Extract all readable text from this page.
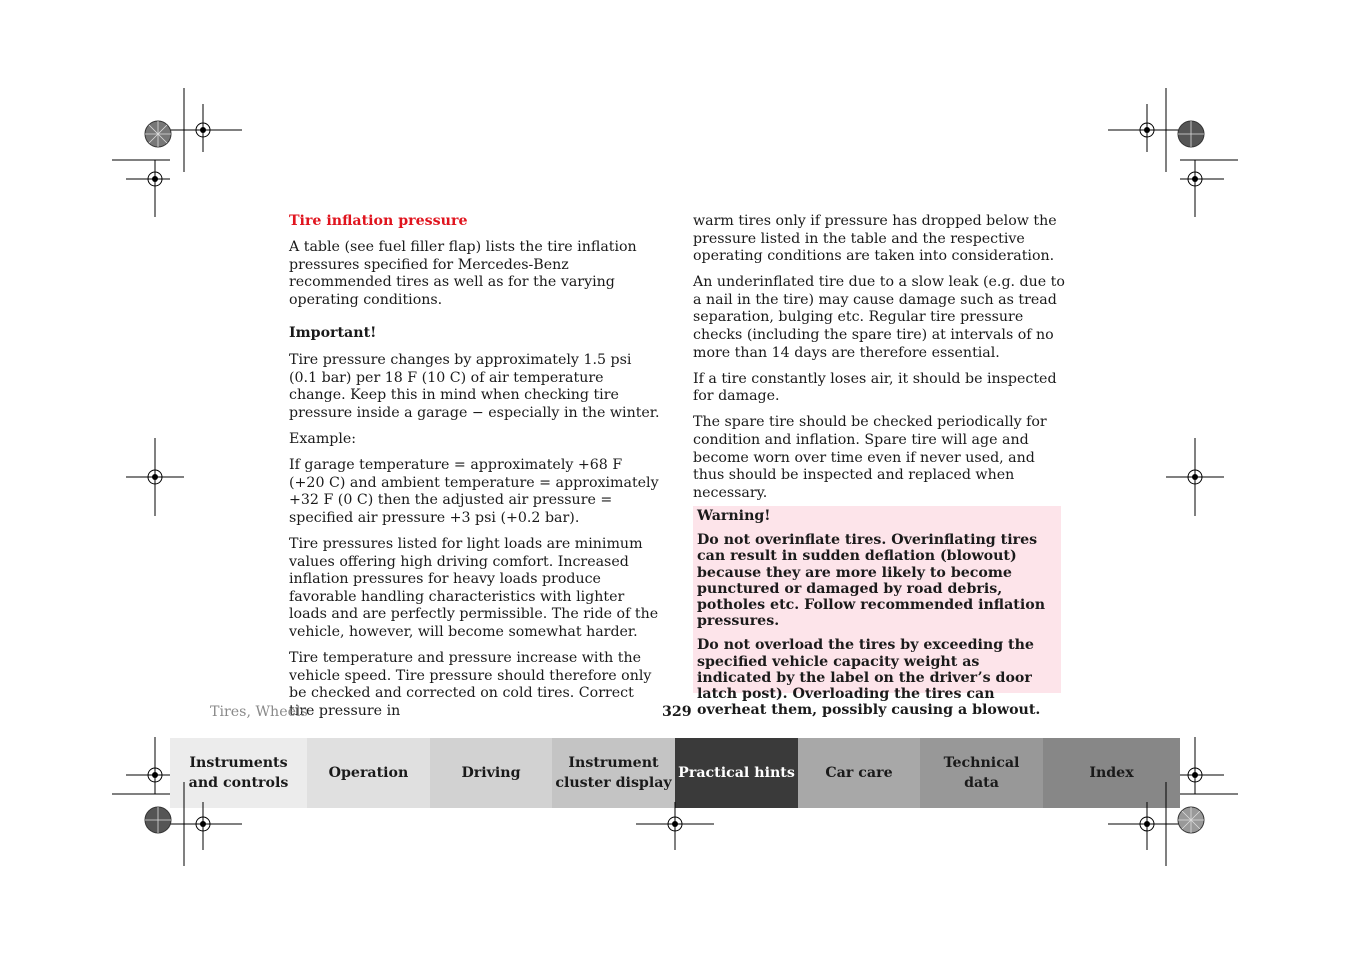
Tire inflation pressure

A table (see fuel filler flap) lists the tire inflation pressures specified for Mercedes-Benz recommended tires as well as for the varying operating conditions.

Important!

Tire pressure changes by approximately 1.5 psi (0.1 bar) per 18 F (10 C) of air temperature change. Keep this in mind when checking tire pressure inside a garage − especially in the winter.

Example:

If garage temperature = approximately +68 F (+20 C) and ambient temperature = approximately +32 F (0 C) then the adjusted air pressure = specified air pressure +3 psi (+0.2 bar).

Tire pressures listed for light loads are minimum values offering high driving comfort. Increased inflation pressures for heavy loads produce favorable handling characteristics with lighter loads and are perfectly permissible. The ride of the vehicle, however, will become somewhat harder.

Tire temperature and pressure increase with the vehicle speed. Tire pressure should therefore only be checked and corrected on cold tires. Correct tire pressure in

warm tires only if pressure has dropped below the pressure listed in the table and the respective operating conditions are taken into consideration.

An underinflated tire due to a slow leak (e.g. due to a nail in the tire) may cause damage such as tread separation, bulging etc. Regular tire pressure checks (including the spare tire) at intervals of no more than 14 days are therefore essential.

If a tire constantly loses air, it should be inspected for damage.

The spare tire should be checked periodically for condition and inflation. Spare tire will age and become worn over time even if never used, and thus should be inspected and replaced when necessary.

Warning!

Do not overinflate tires. Overinflating tires can result in sudden deflation (blowout) because they are more likely to become punctured or damaged by road debris, potholes etc. Follow recommended inflation pressures.

Do not overload the tires by exceeding the specified vehicle capacity weight as indicated by the label on the driver’s door latch post). Overloading the tires can overheat them, possibly causing a blowout.

Tires, Wheels	329
Instruments
and controls
Operation	Driving
Instrument
cluster display
Practical hints Car care
Technical
data
Index
